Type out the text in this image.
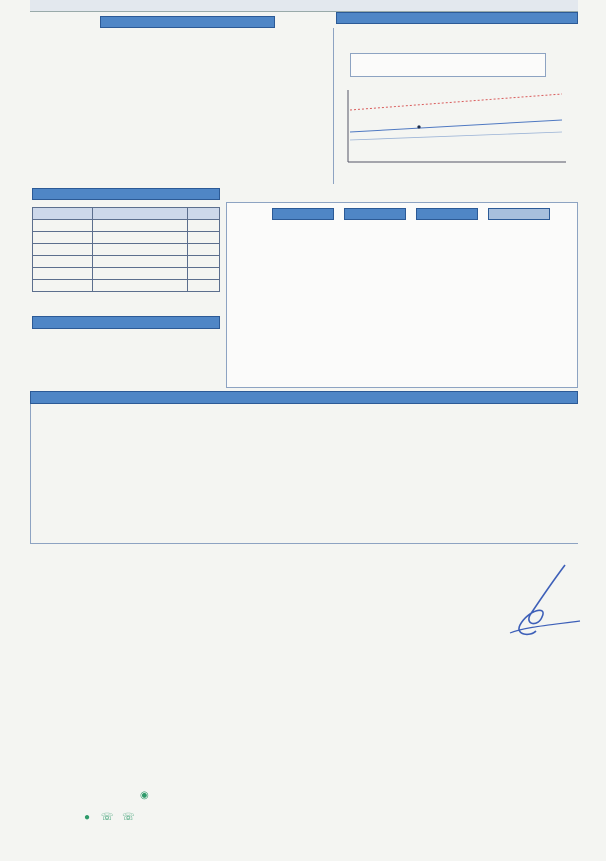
◉
● ☏ ☏
